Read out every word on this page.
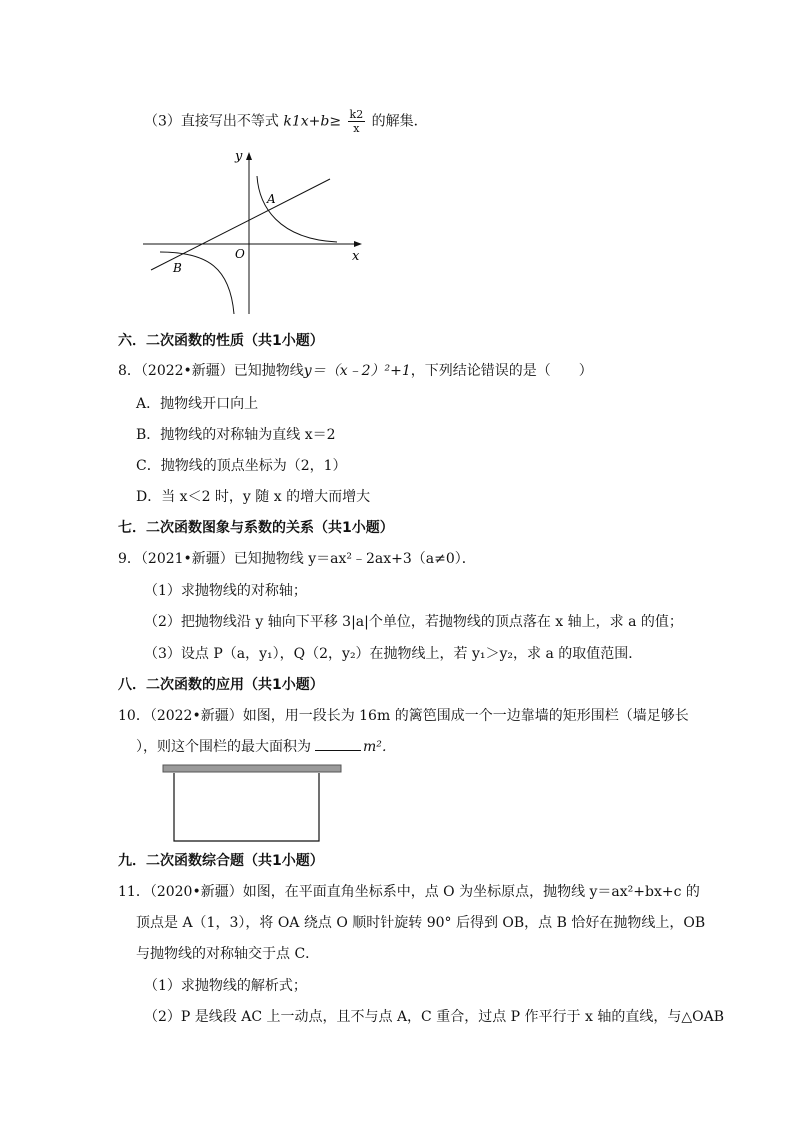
（3）直接写出不等式 $k1x+b\ge \frac{k2}{x}$ 的解集．
y
x
O
A
B
六．二次函数的性质（共1小题）
8．（2022•新疆）已知抛物线y＝（x﹣2）²+1，下列结论错误的是（　　）
A．抛物线开口向上
B．抛物线的对称轴为直线 x＝2
C．抛物线的顶点坐标为（2，1）
D．当 x＜2 时，y 随 x 的增大而增大
七．二次函数图象与系数的关系（共1小题）
9．（2021•新疆）已知抛物线 y＝ax²﹣2ax+3（a≠0）．
（1）求抛物线的对称轴；
（2）把抛物线沿 y 轴向下平移 3|a|个单位，若抛物线的顶点落在 x 轴上，求 a 的值；
（3）设点 P（a，y₁），Q（2，y₂）在抛物线上，若 y₁＞y₂，求 a 的取值范围．
八．二次函数的应用（共1小题）
10．（2022•新疆）如图，用一段长为 16m 的篱笆围成一个一边靠墙的矩形围栏（墙足够长
），则这个围栏的最大面积为	m²．
九．二次函数综合题（共1小题）
11．（2020•新疆）如图，在平面直角坐标系中，点 O 为坐标原点，抛物线 y＝ax²+bx+c 的
顶点是 A（1，3），将 OA 绕点 O 顺时针旋转 90° 后得到 OB，点 B 恰好在抛物线上，OB
与抛物线的对称轴交于点 C．
（1）求抛物线的解析式；
（2）P 是线段 AC 上一动点，且不与点 A，C 重合，过点 P 作平行于 x 轴的直线，与△OAB
